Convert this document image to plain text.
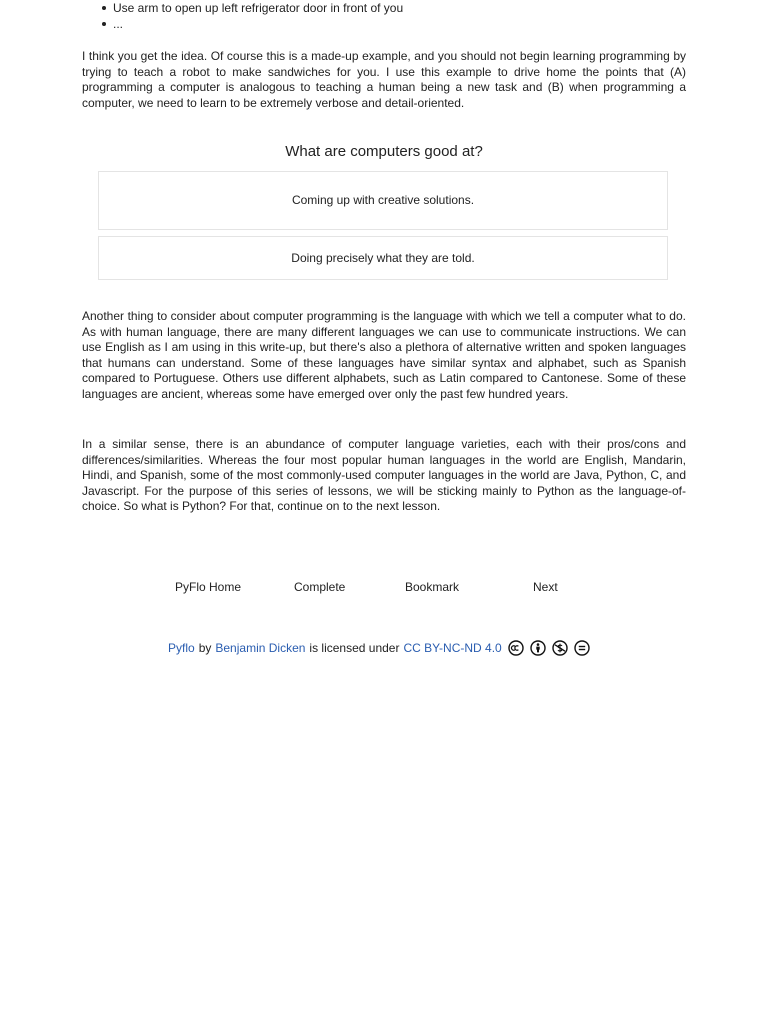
Use arm to open up left refrigerator door in front of you
...

I think you get the idea. Of course this is a made-up example, and you should not begin learning programming by trying to teach a robot to make sandwiches for you. I use this example to drive home the points that (A) programming a computer is analogous to teaching a human being a new task and (B) when programming a computer, we need to learn to be extremely verbose and detail-oriented.

What are computers good at?
Coming up with creative solutions.
Doing precisely what they are told.

Another thing to consider about computer programming is the language with which we tell a computer what to do. As with human language, there are many different languages we can use to communicate instructions. We can use English as I am using in this write-up, but there's also a plethora of alternative written and spoken languages that humans can understand. Some of these languages have similar syntax and alphabet, such as Spanish compared to Portuguese. Others use different alphabets, such as Latin compared to Cantonese. Some of these languages are ancient, whereas some have emerged over only the past few hundred years.

In a similar sense, there is an abundance of computer language varieties, each with their pros/cons and differences/similarities. Whereas the four most popular human languages in the world are English, Mandarin, Hindi, and Spanish, some of the most commonly-used computer languages in the world are Java, Python, C, and Javascript. For the purpose of this series of lessons, we will be sticking mainly to Python as the language-of-choice. So what is Python? For that, continue on to the next lesson.

PyFlo Home	Complete	Bookmark	Next
Pyflo by Benjamin Dicken is licensed under CC BY-NC-ND 4.0
